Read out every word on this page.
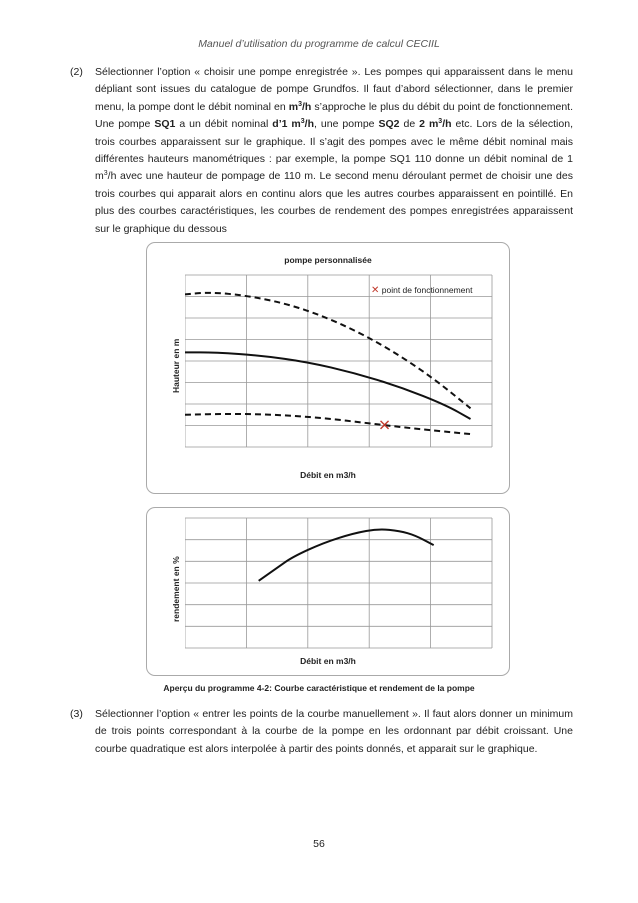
Manuel d’utilisation du programme de calcul CECIIL
(2) Sélectionner l’option « choisir une pompe enregistrée ». Les pompes qui apparaissent dans le menu dépliant sont issues du catalogue de pompe Grundfos. Il faut d’abord sélectionner, dans le premier menu, la pompe dont le débit nominal en $m^3/h$ s’approche le plus du débit du point de fonctionnement. Une pompe SQ1 a un débit nominal d’1 $m^3/h$, une pompe SQ2 de 2 $m^3/h$ etc. Lors de la sélection, trois courbes apparaissent sur le graphique. Il s’agit des pompes avec le même débit nominal mais différentes hauteurs manométriques : par exemple, la pompe SQ1 110 donne un débit nominal de 1 $m^3/h$ avec une hauteur de pompage de 110 m. Le second menu déroulant permet de choisir une des trois courbes qui apparait alors en continu alors que les autres courbes apparaissent en pointillé. En plus des courbes caractéristiques, les courbes de rendement des pompes enregistrées apparaissent sur le graphique du dessous

pompe personnalisée
Hauteur en m
✕ point de fonctionnement
Débit en m3/h
rendement en %
Débit en m3/h
Aperçu du programme 4-2: Courbe caractéristique et rendement de la pompe
(3) Sélectionner l’option « entrer les points de la courbe manuellement ». Il faut alors donner un minimum de trois points correspondant à la courbe de la pompe en les ordonnant par débit croissant. Une courbe quadratique est alors interpolée à partir des points donnés, et apparait sur le graphique.

56
